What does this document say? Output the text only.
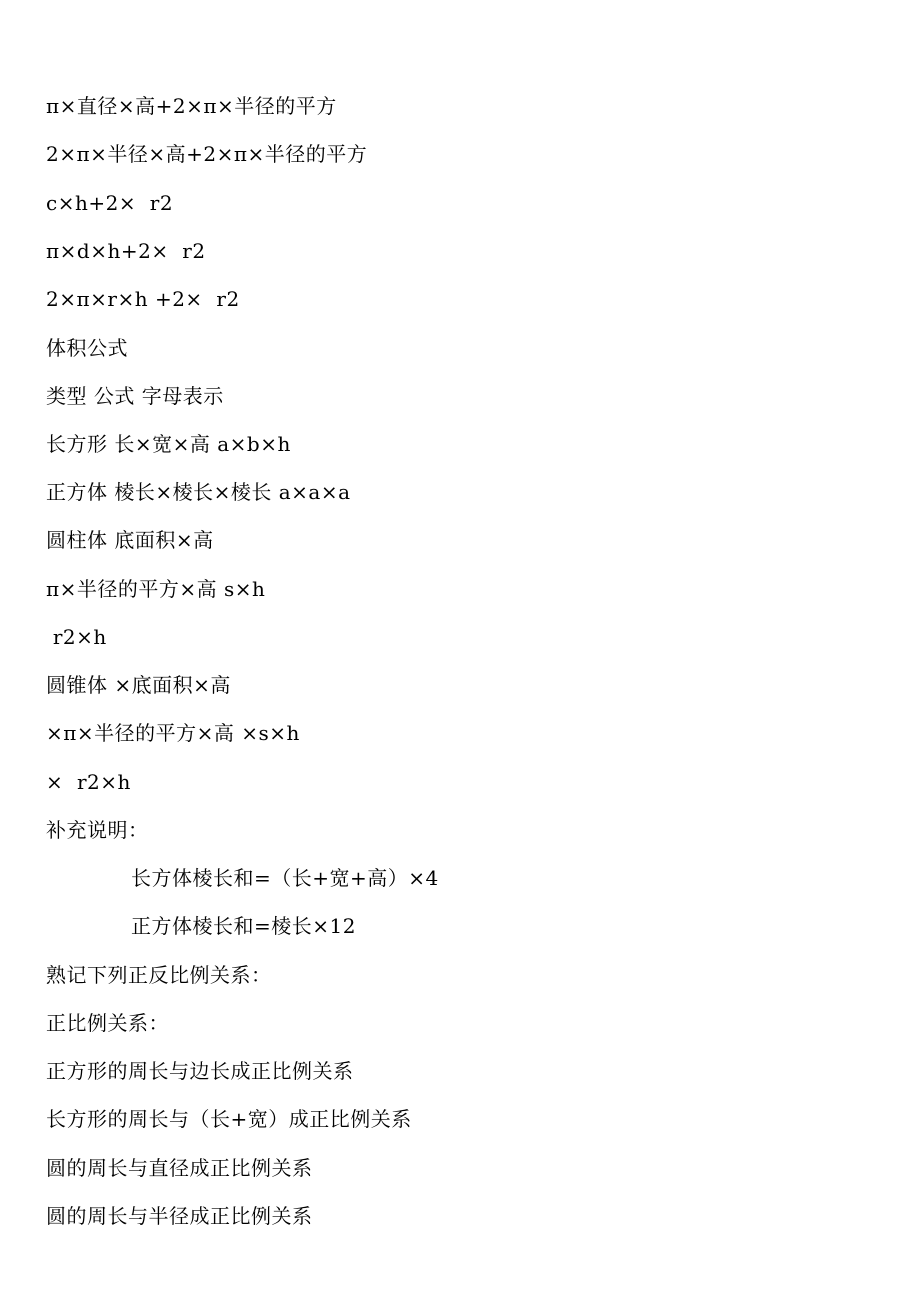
π×直径×高+2×π×半径的平方
2×π×半径×高+2×π×半径的平方
c×h+2×  r2
π×d×h+2×  r2
2×π×r×h +2×  r2
体积公式
类型 公式 字母表示
长方形 长×宽×高 a×b×h
正方体 棱长×棱长×棱长 a×a×a
圆柱体 底面积×高
π×半径的平方×高 s×h
r2×h
圆锥体 ×底面积×高
×π×半径的平方×高 ×s×h
×  r2×h
补充说明：
长方体棱长和=（长+宽+高）×4
正方体棱长和=棱长×12
熟记下列正反比例关系：
正比例关系：
正方形的周长与边长成正比例关系
长方形的周长与（长+宽）成正比例关系
圆的周长与直径成正比例关系
圆的周长与半径成正比例关系
